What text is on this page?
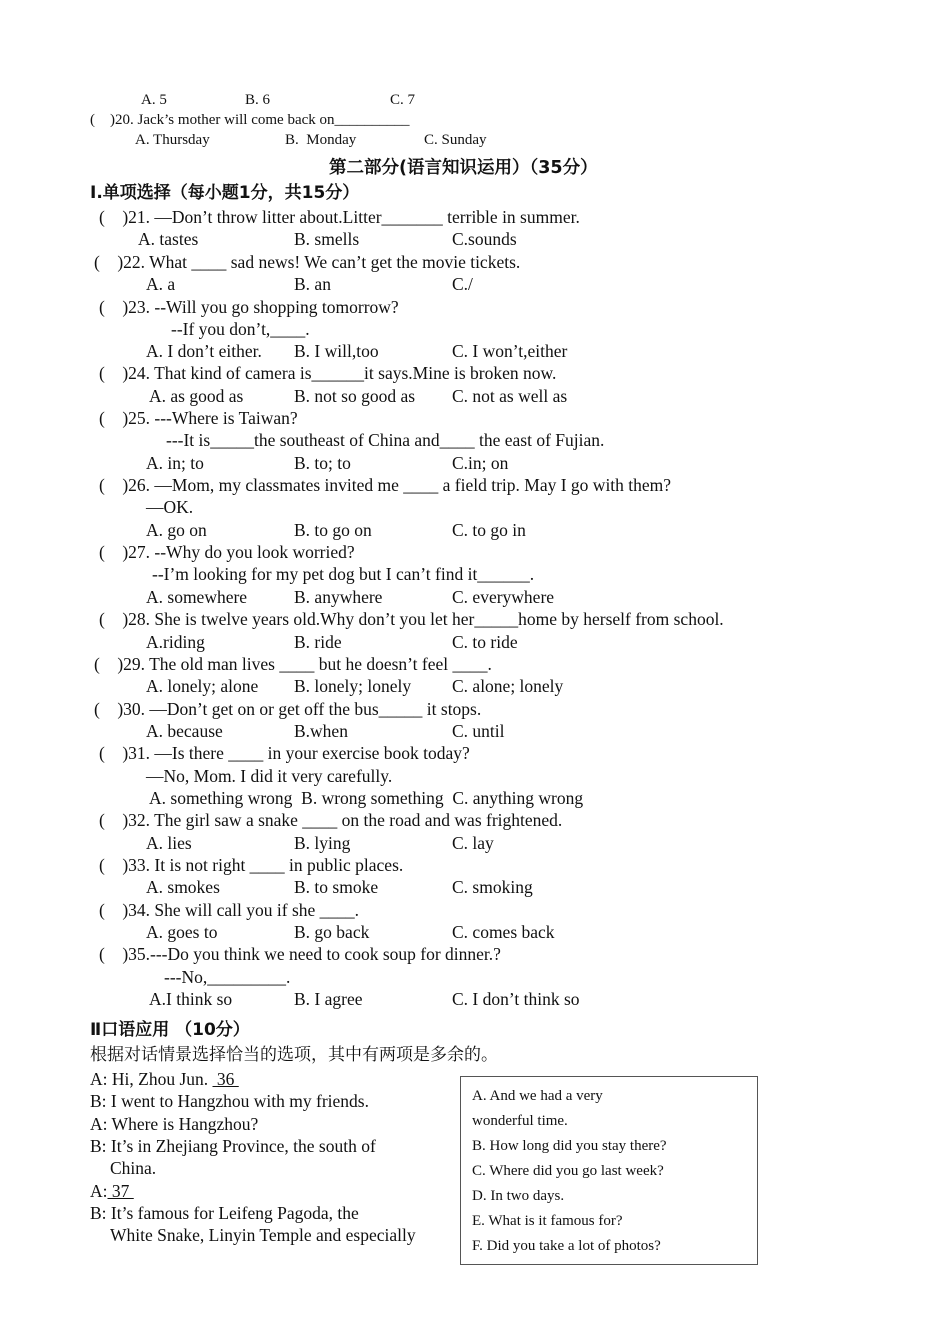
A. 5	B. 6	C. 7
(    )20. Jack’s mother will come back on__________
A. Thursday	B.  Monday	C. Sunday
第二部分(语言知识运用）（35分）
Ⅰ.单项选择（每小题1分，共15分）
(    )21. —Don’t throw litter about.Litter_______ terrible in summer.
A. tastes	B. smells	C.sounds
(    )22. What ____ sad news! We can’t get the movie tickets.
A. a	B. an	C./
(    )23. --Will you go shopping tomorrow?
--If you don’t,____.
A. I don’t either. B. I will,too	C. I won’t,either
(    )24. That kind of camera is______it says.Mine is broken now.
A. as good as	B. not so good as C. not as well as
(    )25. ---Where is Taiwan?
---It is_____the southeast of China and____ the east of Fujian.
A. in; to	B. to; to	C.in; on
(    )26. —Mom, my classmates invited me ____ a field trip. May I go with them?
—OK.
A. go on	B. to go on	C. to go in
(    )27. --Why do you look worried?
--I’m looking for my pet dog but I can’t find it______.
A. somewhere	B. anywhere	C. everywhere
(    )28. She is twelve years old.Why don’t you let her_____home by herself from school.
A.riding	B. ride	C. to ride
(    )29. The old man lives ____ but he doesn’t feel ____.
A. lonely; alone B. lonely; lonely C. alone; lonely
(    )30. —Don’t get on or get off the bus_____ it stops.
A. because	B.when	C. until
(    )31. —Is there ____ in your exercise book today?
—No, Mom. I did it very carefully.
A. something wrong  B. wrong something  C. anything wrong
(    )32. The girl saw a snake ____ on the road and was frightened.
A. lies	B. lying	C. lay
(    )33. It is not right ____ in public places.
A. smokes	B. to smoke	C. smoking
(    )34. She will call you if she ____.
A. goes to	B. go back	C. comes back
(    )35.---Do you think we need to cook soup for dinner.?
---No,_________.
A.I think so	B. I agree	C. I don’t think so
Ⅱ口语应用 （10分）
根据对话情景选择恰当的选项，其中有两项是多余的。
A: Hi, Zhou Jun.  36
B: I went to Hangzhou with my friends.
A: Where is Hangzhou?
B: It’s in Zhejiang Province, the south of
China.
A: 37
B: It’s famous for Leifeng Pagoda, the
White Snake, Linyin Temple and especially
A. And we had a very
wonderful time.
B. How long did you stay there?
C. Where did you go last week?
D. In two days.
E. What is it famous for?
F. Did you take a lot of photos?
